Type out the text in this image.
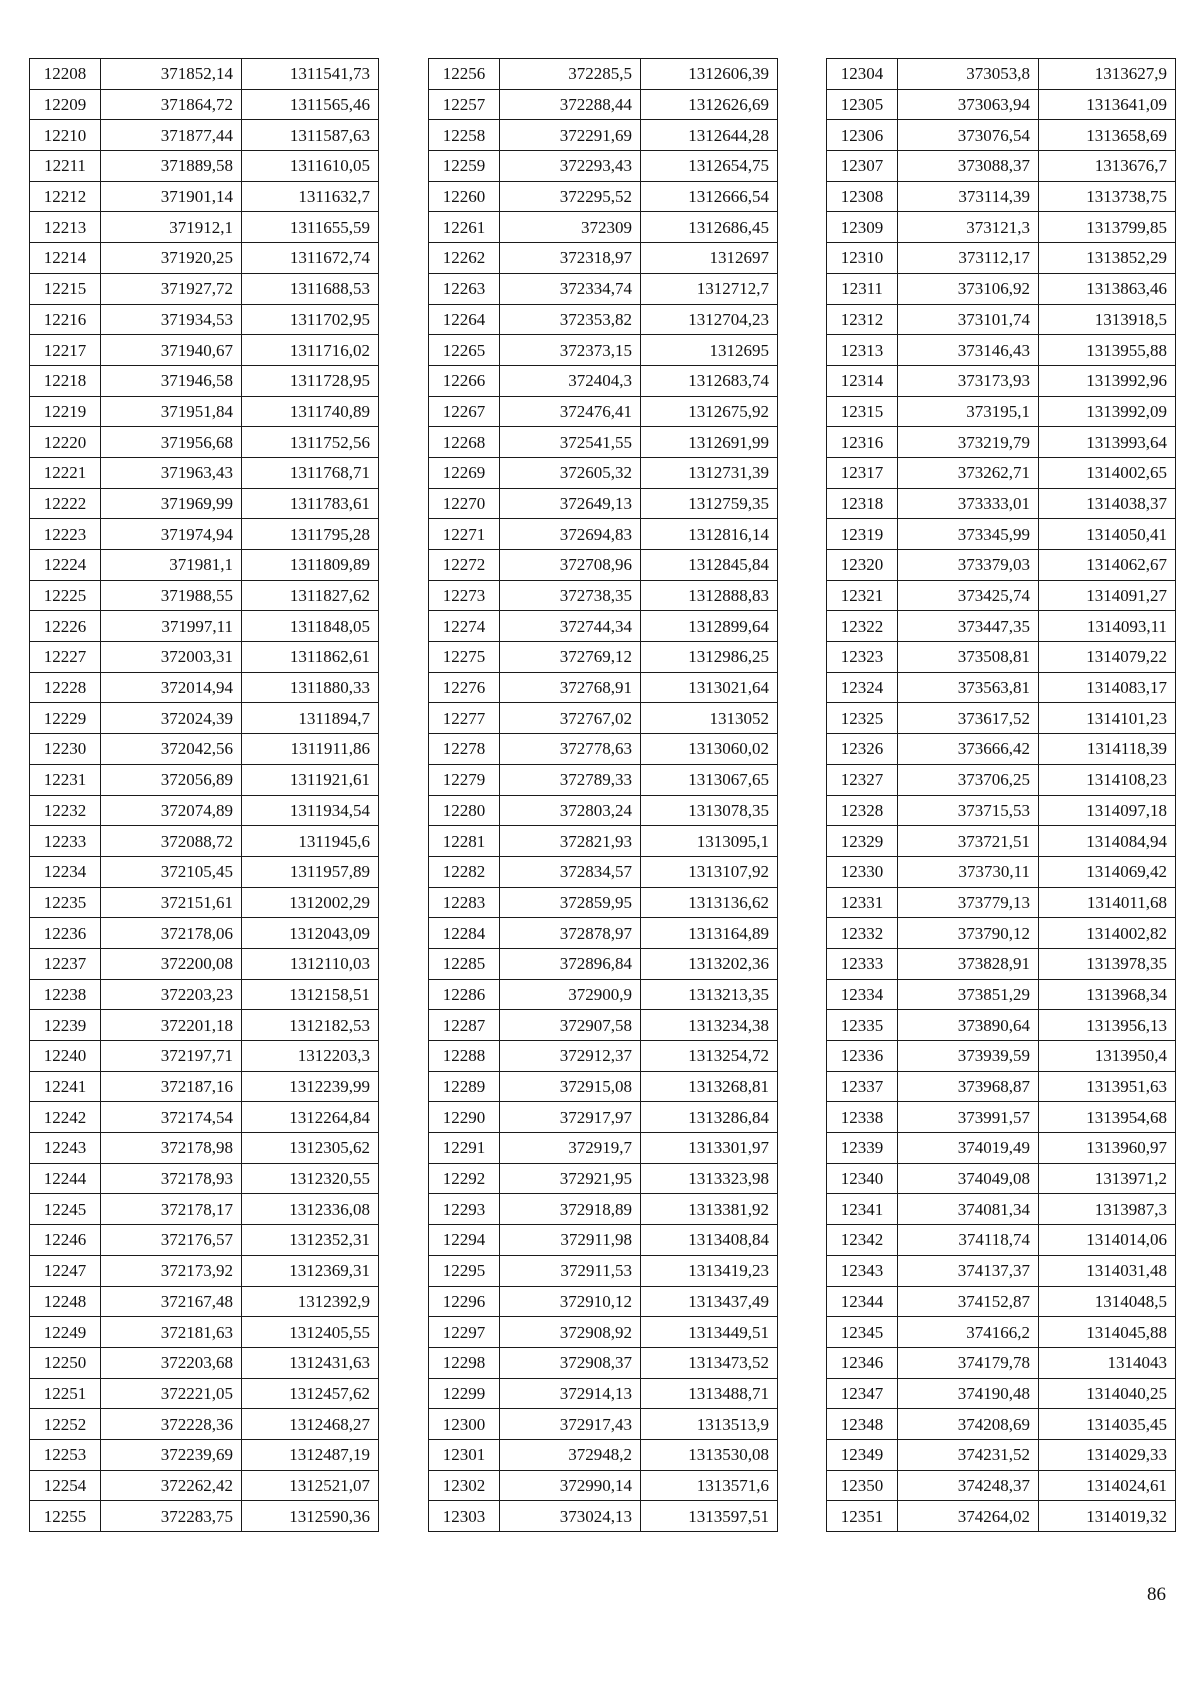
12208	371852,14	1311541,73
12209	371864,72	1311565,46
12210	371877,44	1311587,63
12211	371889,58	1311610,05
12212	371901,14	1311632,7
12213	371912,1	1311655,59
12214	371920,25	1311672,74
12215	371927,72	1311688,53
12216	371934,53	1311702,95
12217	371940,67	1311716,02
12218	371946,58	1311728,95
12219	371951,84	1311740,89
12220	371956,68	1311752,56
12221	371963,43	1311768,71
12222	371969,99	1311783,61
12223	371974,94	1311795,28
12224	371981,1	1311809,89
12225	371988,55	1311827,62
12226	371997,11	1311848,05
12227	372003,31	1311862,61
12228	372014,94	1311880,33
12229	372024,39	1311894,7
12230	372042,56	1311911,86
12231	372056,89	1311921,61
12232	372074,89	1311934,54
12233	372088,72	1311945,6
12234	372105,45	1311957,89
12235	372151,61	1312002,29
12236	372178,06	1312043,09
12237	372200,08	1312110,03
12238	372203,23	1312158,51
12239	372201,18	1312182,53
12240	372197,71	1312203,3
12241	372187,16	1312239,99
12242	372174,54	1312264,84
12243	372178,98	1312305,62
12244	372178,93	1312320,55
12245	372178,17	1312336,08
12246	372176,57	1312352,31
12247	372173,92	1312369,31
12248	372167,48	1312392,9
12249	372181,63	1312405,55
12250	372203,68	1312431,63
12251	372221,05	1312457,62
12252	372228,36	1312468,27
12253	372239,69	1312487,19
12254	372262,42	1312521,07
12255	372283,75	1312590,36
12256	372285,5	1312606,39
12257	372288,44	1312626,69
12258	372291,69	1312644,28
12259	372293,43	1312654,75
12260	372295,52	1312666,54
12261	372309	1312686,45
12262	372318,97	1312697
12263	372334,74	1312712,7
12264	372353,82	1312704,23
12265	372373,15	1312695
12266	372404,3	1312683,74
12267	372476,41	1312675,92
12268	372541,55	1312691,99
12269	372605,32	1312731,39
12270	372649,13	1312759,35
12271	372694,83	1312816,14
12272	372708,96	1312845,84
12273	372738,35	1312888,83
12274	372744,34	1312899,64
12275	372769,12	1312986,25
12276	372768,91	1313021,64
12277	372767,02	1313052
12278	372778,63	1313060,02
12279	372789,33	1313067,65
12280	372803,24	1313078,35
12281	372821,93	1313095,1
12282	372834,57	1313107,92
12283	372859,95	1313136,62
12284	372878,97	1313164,89
12285	372896,84	1313202,36
12286	372900,9	1313213,35
12287	372907,58	1313234,38
12288	372912,37	1313254,72
12289	372915,08	1313268,81
12290	372917,97	1313286,84
12291	372919,7	1313301,97
12292	372921,95	1313323,98
12293	372918,89	1313381,92
12294	372911,98	1313408,84
12295	372911,53	1313419,23
12296	372910,12	1313437,49
12297	372908,92	1313449,51
12298	372908,37	1313473,52
12299	372914,13	1313488,71
12300	372917,43	1313513,9
12301	372948,2	1313530,08
12302	372990,14	1313571,6
12303	373024,13	1313597,51
12304	373053,8	1313627,9
12305	373063,94	1313641,09
12306	373076,54	1313658,69
12307	373088,37	1313676,7
12308	373114,39	1313738,75
12309	373121,3	1313799,85
12310	373112,17	1313852,29
12311	373106,92	1313863,46
12312	373101,74	1313918,5
12313	373146,43	1313955,88
12314	373173,93	1313992,96
12315	373195,1	1313992,09
12316	373219,79	1313993,64
12317	373262,71	1314002,65
12318	373333,01	1314038,37
12319	373345,99	1314050,41
12320	373379,03	1314062,67
12321	373425,74	1314091,27
12322	373447,35	1314093,11
12323	373508,81	1314079,22
12324	373563,81	1314083,17
12325	373617,52	1314101,23
12326	373666,42	1314118,39
12327	373706,25	1314108,23
12328	373715,53	1314097,18
12329	373721,51	1314084,94
12330	373730,11	1314069,42
12331	373779,13	1314011,68
12332	373790,12	1314002,82
12333	373828,91	1313978,35
12334	373851,29	1313968,34
12335	373890,64	1313956,13
12336	373939,59	1313950,4
12337	373968,87	1313951,63
12338	373991,57	1313954,68
12339	374019,49	1313960,97
12340	374049,08	1313971,2
12341	374081,34	1313987,3
12342	374118,74	1314014,06
12343	374137,37	1314031,48
12344	374152,87	1314048,5
12345	374166,2	1314045,88
12346	374179,78	1314043
12347	374190,48	1314040,25
12348	374208,69	1314035,45
12349	374231,52	1314029,33
12350	374248,37	1314024,61
12351	374264,02	1314019,32
86
